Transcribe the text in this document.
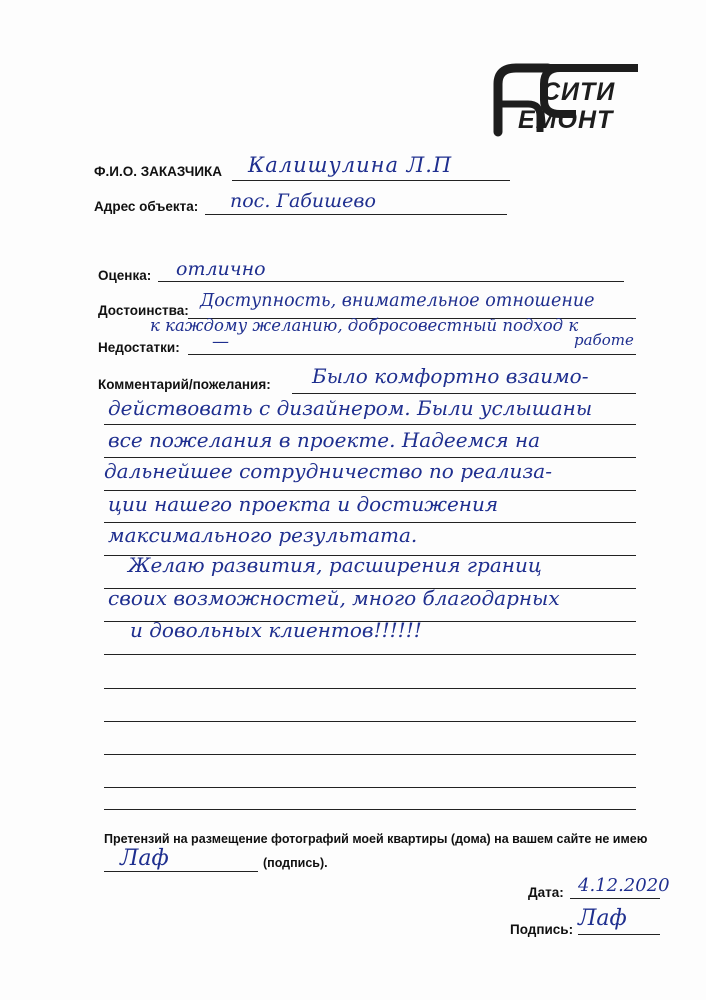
СИТИ
ЕМОНТ
Ф.И.О. ЗАКАЗЧИКА Калишулина Л.П
Адрес объекта: пос. Габишево
Оценка: отлично
Достоинства: Доступность, внимательное отношение
к каждому желанию, добросовестный подход к
работе
Недостатки: —
Комментарий/пожелания: Было комфортно взаимо-
действовать с дизайнером. Были услышаны
все пожелания в проекте. Надеемся на
дальнейшее сотрудничество по реализа-
ции нашего проекта и достижения
максимального результата.
Желаю развития, расширения границ
своих возможностей, много благодарных
и довольных клиентов!!!!!!
Претензий на размещение фотографий моей квартиры (дома) на вашем сайте не имею
Лаф	(подпись).
Дата: 4.12.2020
Подпись: Лаф
